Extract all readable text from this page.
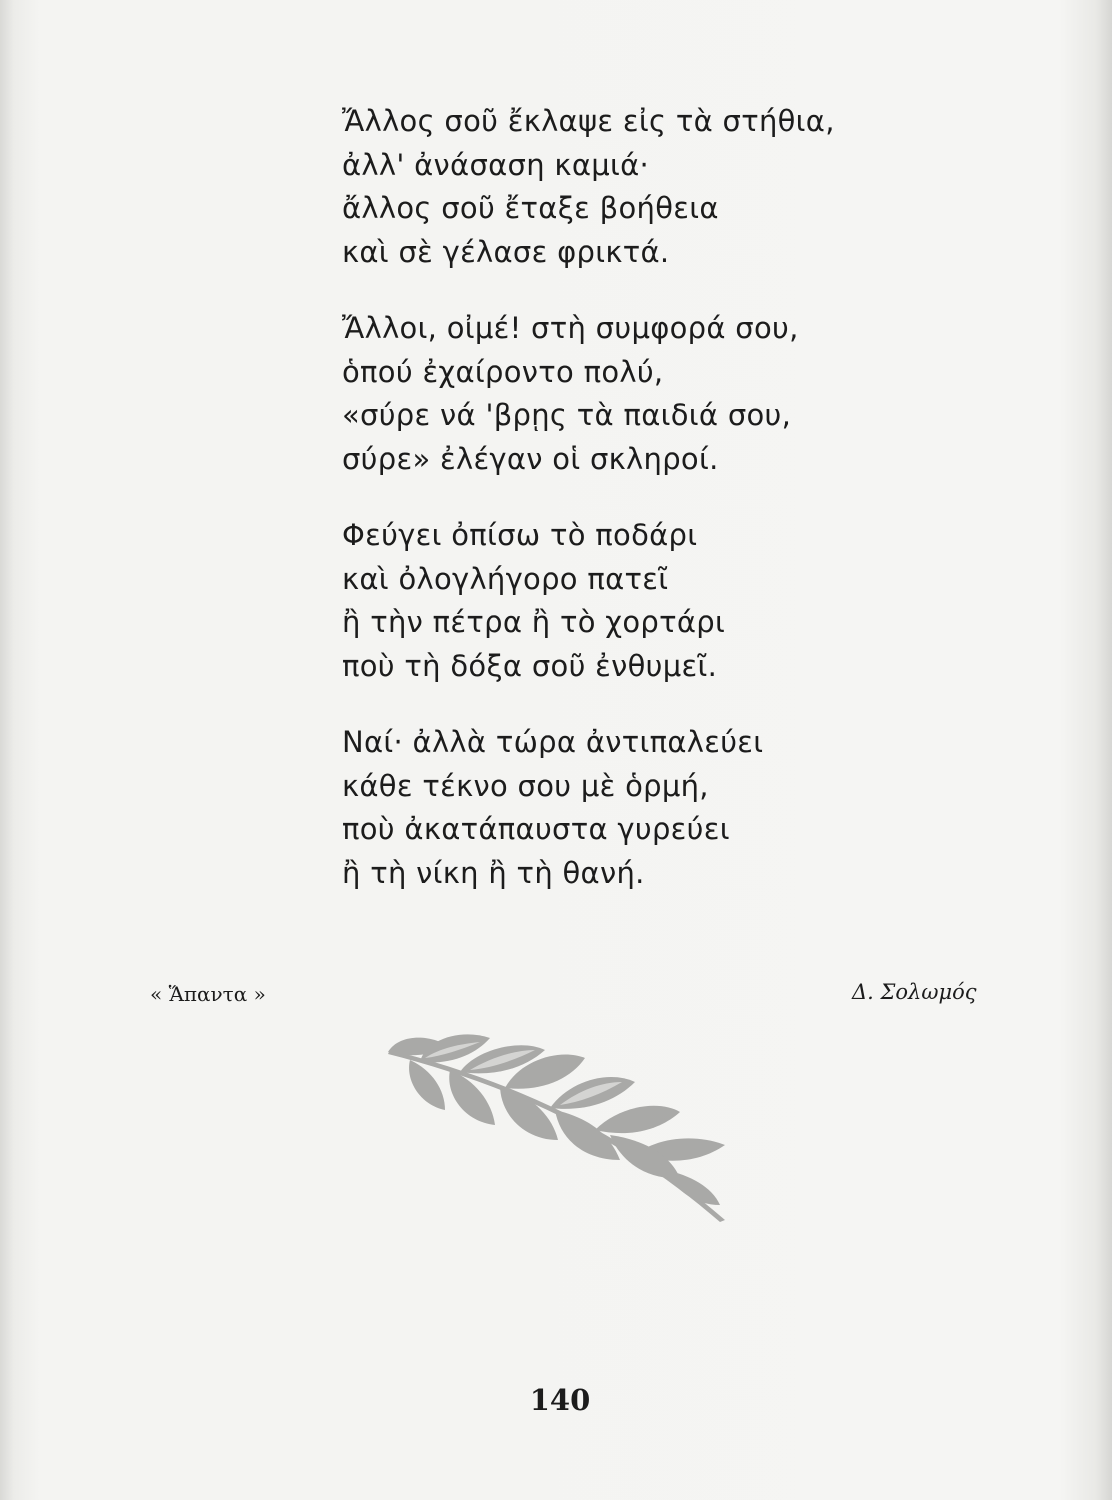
Ἄλλος σοῦ ἔκλαψε εἰς τὰ στήθια,
ἀλλ' ἀνάσαση καμιά·
ἄλλος σοῦ ἔταξε βοήθεια
καὶ σὲ γέλασε φρικτά.
Ἄλλοι, οἰμέ! στὴ συμφορά σου,
ὁπού ἐχαίροντο πολύ,
«σύρε νά 'βρῃς τὰ παιδιά σου,
σύρε» ἐλέγαν οἱ σκληροί.
Φεύγει ὀπίσω τὸ ποδάρι
καὶ ὀλογλήγορο πατεῖ
ἢ τὴν πέτρα ἢ τὸ χορτάρι
ποὺ τὴ δόξα σοῦ ἐνθυμεῖ.
Ναί· ἀλλὰ τώρα ἀντιπαλεύει
κάθε τέκνο σου μὲ ὁρμή,
ποὺ ἀκατάπαυστα γυρεύει
ἢ τὴ νίκη ἢ τὴ θανή.
« Ἅπαντα »	Δ. Σολωμός
140
